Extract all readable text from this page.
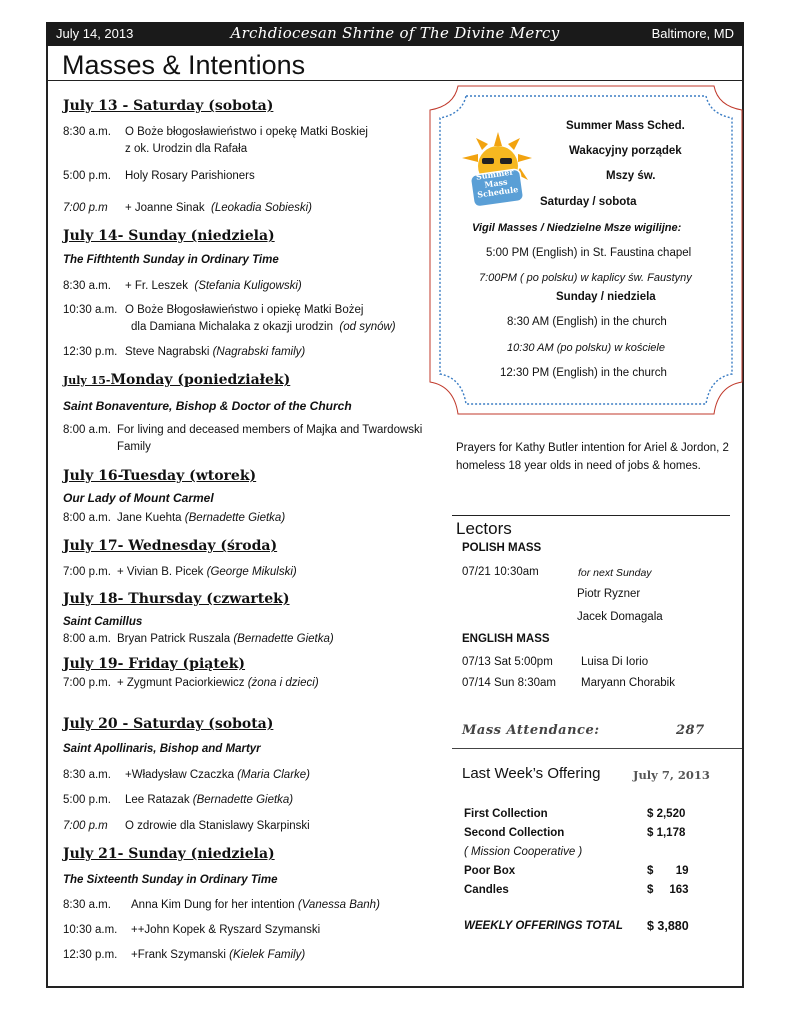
July 14, 2013	Archdiocesan Shrine of The Divine Mercy	Baltimore, MD
Masses & Intentions

July 13 - Saturday (sobota)

8:30 a.m.	O Boże błogosławieństwo i opekę Matki Boskiej
z ok. Urodzin dla Rafała
5:00 p.m.	Holy Rosary Parishioners
7:00 p.m	+ Joanne Sinak (Leokadia Sobieski)

July 14- Sunday (niedziela)

The Fifthtenth Sunday in Ordinary Time
8:30 a.m.	+ Fr. Leszek (Stefania Kuligowski)
10:30 a.m. O Boże Błogosławieństwo i opiekę Matki Bożej
dla Damiana Michalaka z okazji urodzin (od synów)
12:30 p.m. Steve Nagrabski (Nagrabski family)

July 15-Monday (poniedziałek)

Saint Bonaventure, Bishop & Doctor of the Church
8:00 a.m. For living and deceased members of Majka and Twardowski
Family

July 16-Tuesday (wtorek)

Our Lady of Mount Carmel
8:00 a.m. Jane Kuehta (Bernadette Gietka)

July 17- Wednesday (środa)

7:00 p.m. + Vivian B. Picek (George Mikulski)

July 18- Thursday (czwartek)

Saint Camillus
8:00 a.m. Bryan Patrick Ruszala (Bernadette Gietka)

July 19- Friday (piątek)

7:00 p.m. + Zygmunt Paciorkiewicz (żona i dzieci)

July 20 - Saturday (sobota)

Saint Apollinaris, Bishop and Martyr
8:30 a.m.	+Władysław Czaczka (Maria Clarke)
5:00 p.m.	Lee Ratazak (Bernadette Gietka)
7:00 p.m	O zdrowie dla Stanislawy Skarpinski

July 21- Sunday (niedziela)

The Sixteenth Sunday in Ordinary Time
8:30 a.m.	Anna Kim Dung for her intention (Vanessa Banh)
10:30 a.m.	++John Kopek & Ryszard Szymanski
12:30 p.m.	+Frank Szymanski (Kielek Family)
Summer Mass Schedule
Summer Mass Sched.
Wakacyjny porządek
Mszy św.
Saturday / sobota
Vigil Masses / Niedzielne Msze wigilijne:
5:00 PM (English) in St. Faustina chapel
7:00PM ( po polsku) w kaplicy św. Faustyny
Sunday / niedziela
8:30 AM (English) in the church
10:30 AM (po polsku) w kościele
12:30 PM (English) in the church
Prayers for Kathy Butler intention for Ariel & Jordon, 2 homeless 18 year olds in need of jobs & homes.
Lectors
POLISH MASS
07/21 10:30am	for next Sunday
Piotr Ryzner
Jacek Domagala
ENGLISH MASS
07/13 Sat 5:00pm Luisa Di Iorio
07/14 Sun 8:30am Maryann Chorabik
Mass Attendance:	287
Last Week’s Offering	July 7, 2013
First Collection	$ 2,520
Second Collection	$ 1,178
( Mission Cooperative )
Poor Box	$       19
Candles	$     163
WEEKLY OFFERINGS TOTAL $ 3,880
